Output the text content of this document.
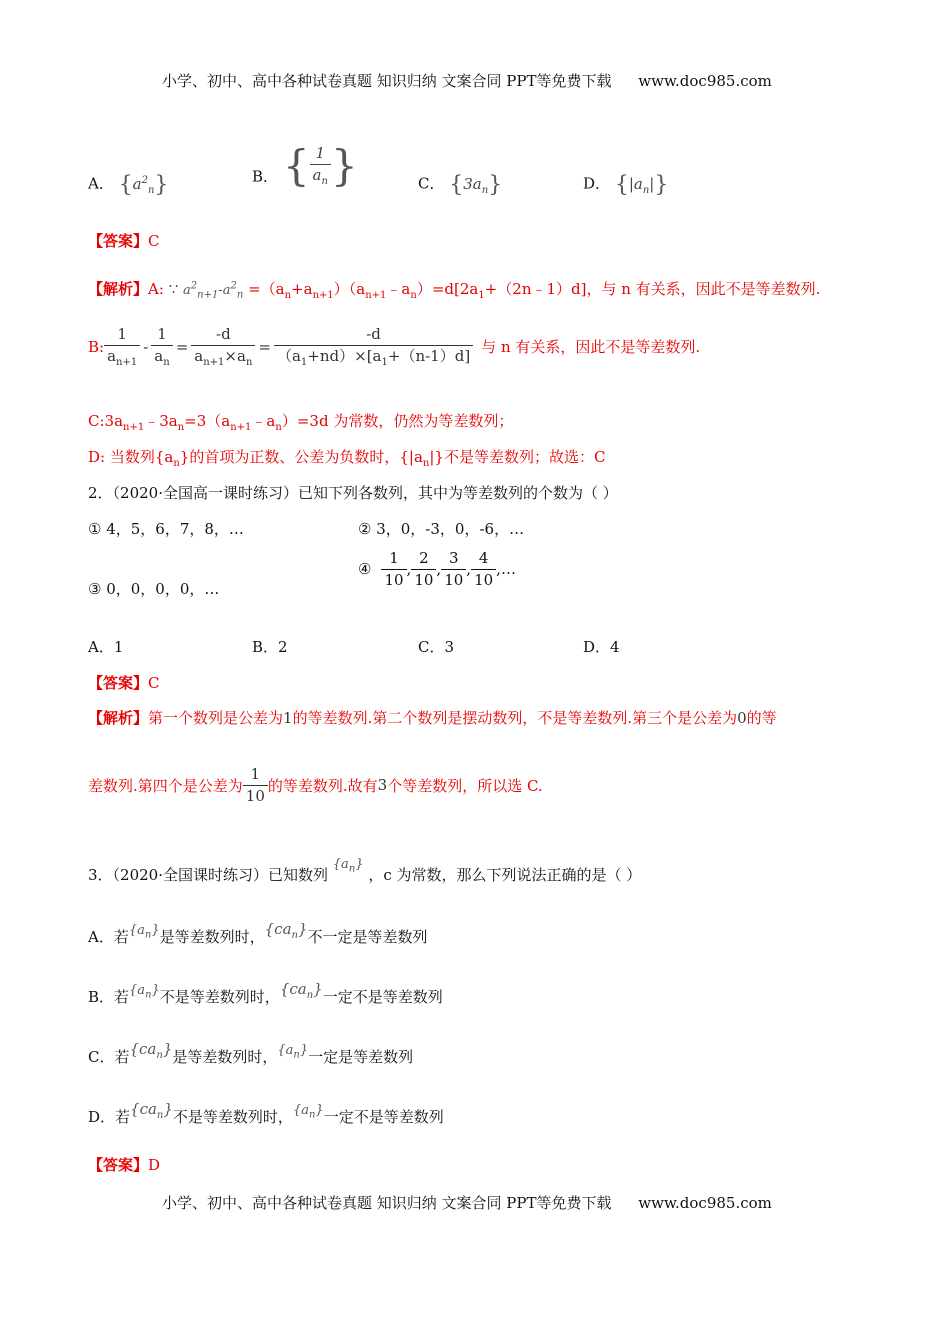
小学、初中、高中各种试卷真题 知识归纳 文案合同 PPT等免费下载 www.doc985.com
A． $\{a^2_n\}$	B． { $\frac{1}{a_n}$ }	C． $\{3a_n\}$	D． $\{|a_n|\}$
【答案】C
【解析】A: ∵ $a^2_{n+1}-a^2_n$ $=(a_n+a_{n+1})(a_{n+1}﹣a_n)=d[2a_1+(2n﹣1)d]$，与 n 有关系，因此不是等差数列.
B: $\frac{1}{a_{n+1}} - \frac{1}{a_n} = \frac{-d}{a_{n+1}\times a_n} = \frac{-d}{(a_1+nd)\times[a_1+(n-1)d]}$ 与 n 有关系，因此不是等差数列.
$C:3a_{n+1}﹣3a_n=3(a_{n+1}﹣a_n)=3d$ 为常数，仍然为等差数列；
D: 当数列$\{a_n\}$的首项为正数、公差为负数时，$\{|a_n|\}$不是等差数列；故选：C
2．（2020·全国高一课时练习）已知下列各数列，其中为等差数列的个数为（ ）
① 4，5，6，7，8，…	② 3，0，-3，0，-6，…
③ 0，0，0，0，…
④ $\frac{1}{10}$ , $\frac{2}{10}$ , $\frac{3}{10}$ , $\frac{4}{10}$ ,…
A．1	B．2	C．3	D．4
【答案】C
【解析】第一个数列是公差为1的等差数列.第二个数列是摆动数列，不是等差数列.第三个是公差为0的等
差数列.第四个是公差为 $\frac{1}{10}$ 的等差数列.故有 3 个等差数列，所以选 C.
3．（2020·全国课时练习）已知数列 $\{a_n\}$ ，c 为常数，那么下列说法正确的是（ ）
A．若$\{a_n\}$是等差数列时，$\{ca_n\}$不一定是等差数列
B．若$\{a_n\}$不是等差数列时，$\{ca_n\}$一定不是等差数列
C．若$\{ca_n\}$是等差数列时，$\{a_n\}$一定是等差数列
D．若$\{ca_n\}$不是等差数列时，$\{a_n\}$一定不是等差数列
【答案】D
小学、初中、高中各种试卷真题 知识归纳 文案合同 PPT等免费下载 www.doc985.com
